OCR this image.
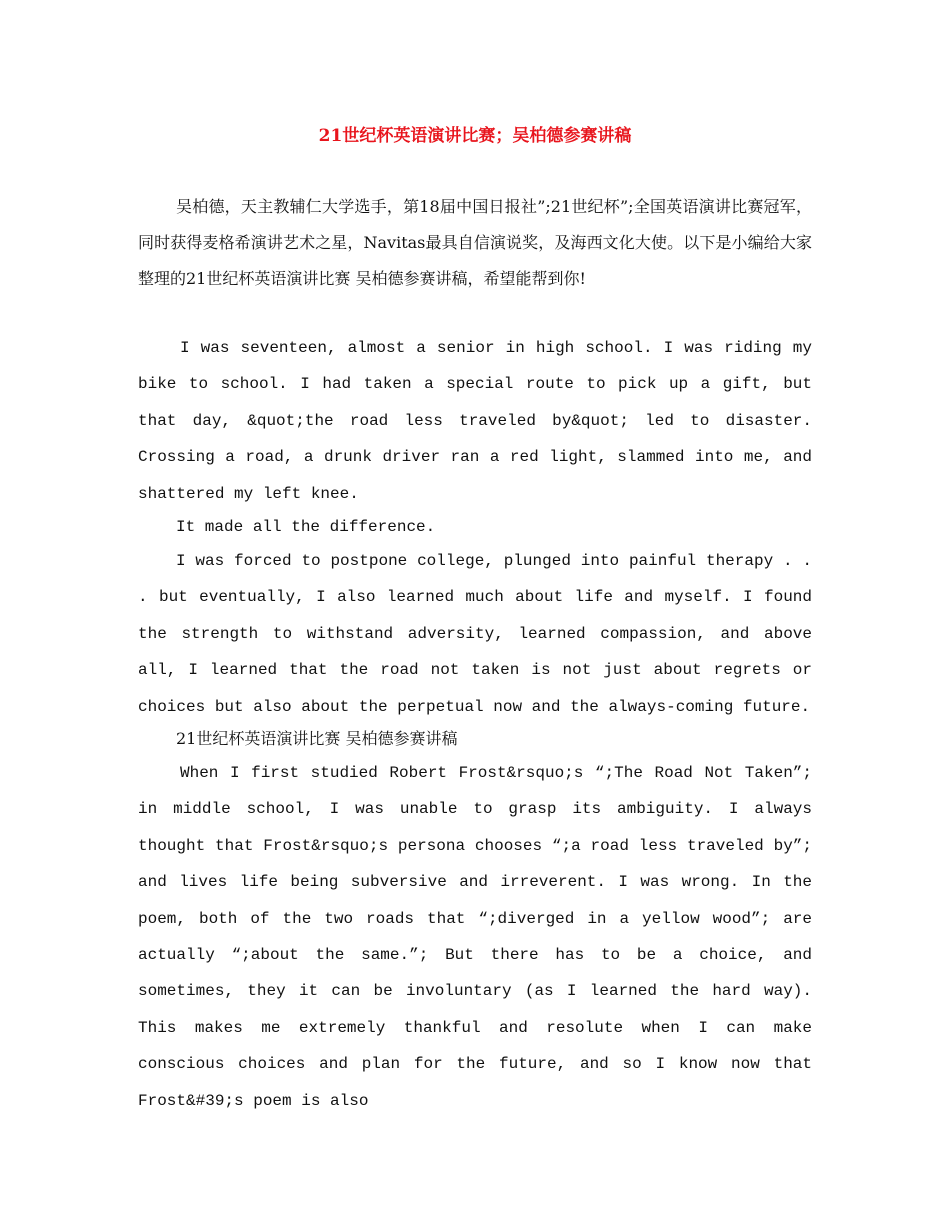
21世纪杯英语演讲比赛；吴柏德参赛讲稿

吴柏德，天主教辅仁大学选手，第18届中国日报社”;21世纪杯”;全国英语演讲比赛冠军，同时获得麦格希演讲艺术之星，Navitas最具自信演说奖，及海西文化大使。以下是小编给大家整理的21世纪杯英语演讲比赛 吴柏德参赛讲稿，希望能帮到你!

I was seventeen, almost a senior in high school. I was riding my bike to school. I had taken a special route to pick up a gift, but that day, &quot;the road less traveled by&quot; led to disaster. Crossing a road, a drunk driver ran a red light, slammed into me, and shattered my left knee.

It made all the difference.

I was forced to postpone college, plunged into painful therapy . . . but eventually, I also learned much about life and myself. I found the strength to withstand adversity, learned compassion, and above all, I learned that the road not taken is not just about regrets or choices but also about the perpetual now and the always-coming future.

21世纪杯英语演讲比赛 吴柏德参赛讲稿

When I first studied Robert Frost&rsquo;s “;The Road Not Taken”; in middle school, I was unable to grasp its ambiguity. I always thought that Frost&rsquo;s persona chooses “;a road less traveled by”; and lives life being subversive and irreverent. I was wrong. In the poem, both of the two roads that “;diverged in a yellow wood”; are actually “;about the same.”; But there has to be a choice, and sometimes, they it can be involuntary (as I learned the hard way). This makes me extremely thankful and resolute when I can make conscious choices and plan for the future, and so I know now that Frost&#39;s poem is also
